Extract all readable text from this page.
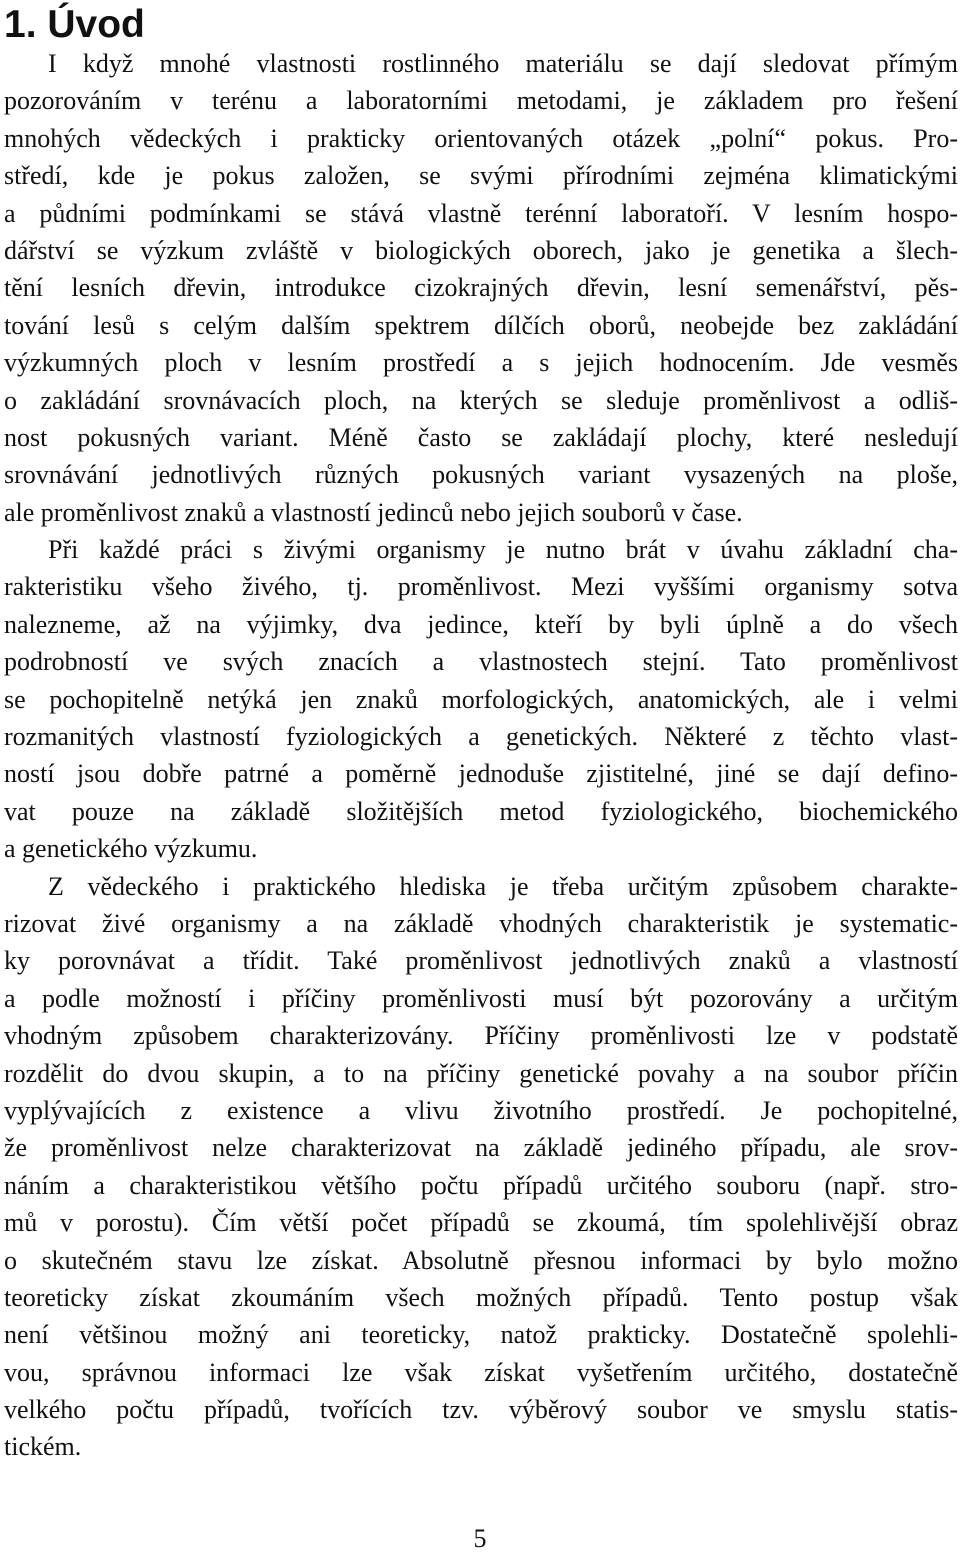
1. Úvod
I když mnohé vlastnosti rostlinného materiálu se dají sledovat přímým
pozorováním v terénu a laboratorními metodami, je základem pro řešení
mnohých vědeckých i prakticky orientovaných otázek „polní“ pokus. Pro-
středí, kde je pokus založen, se svými přírodními zejména klimatickými
a půdními podmínkami se stává vlastně terénní laboratoří. V lesním hospo-
dářství se výzkum zvláště v biologických oborech, jako je genetika a šlech-
tění lesních dřevin, introdukce cizokrajných dřevin, lesní semenářství, pěs-
tování lesů s celým dalším spektrem dílčích oborů, neobejde bez zakládání
výzkumných ploch v lesním prostředí a s jejich hodnocením. Jde vesměs
o zakládání srovnávacích ploch, na kterých se sleduje proměnlivost a odliš-
nost pokusných variant. Méně často se zakládají plochy, které nesledují
srovnávání jednotlivých různých pokusných variant vysazených na ploše,
ale proměnlivost znaků a vlastností jedinců nebo jejich souborů v čase.
Při každé práci s živými organismy je nutno brát v úvahu základní cha-
rakteristiku všeho živého, tj. proměnlivost. Mezi vyššími organismy sotva
nalezneme, až na výjimky, dva jedince, kteří by byli úplně a do všech
podrobností ve svých znacích a vlastnostech stejní. Tato proměnlivost
se pochopitelně netýká jen znaků morfologických, anatomických, ale i velmi
rozmanitých vlastností fyziologických a genetických. Některé z těchto vlast-
ností jsou dobře patrné a poměrně jednoduše zjistitelné, jiné se dají defino-
vat pouze na základě složitějších metod fyziologického, biochemického
a genetického výzkumu.
Z vědeckého i praktického hlediska je třeba určitým způsobem charakte-
rizovat živé organismy a na základě vhodných charakteristik je systematic-
ky porovnávat a třídit. Také proměnlivost jednotlivých znaků a vlastností
a podle možností i příčiny proměnlivosti musí být pozorovány a určitým
vhodným způsobem charakterizovány. Příčiny proměnlivosti lze v podstatě
rozdělit do dvou skupin, a to na příčiny genetické povahy a na soubor příčin
vyplývajících z existence a vlivu životního prostředí. Je pochopitelné,
že proměnlivost nelze charakterizovat na základě jediného případu, ale srov-
náním a charakteristikou většího počtu případů určitého souboru (např. stro-
mů v porostu). Čím větší počet případů se zkoumá, tím spolehlivější obraz
o skutečném stavu lze získat. Absolutně přesnou informaci by bylo možno
teoreticky získat zkoumáním všech možných případů. Tento postup však
není většinou možný ani teoreticky, natož prakticky. Dostatečně spolehli-
vou, správnou informaci lze však získat vyšetřením určitého, dostatečně
velkého počtu případů, tvořících tzv. výběrový soubor ve smyslu statis-
tickém.
5
